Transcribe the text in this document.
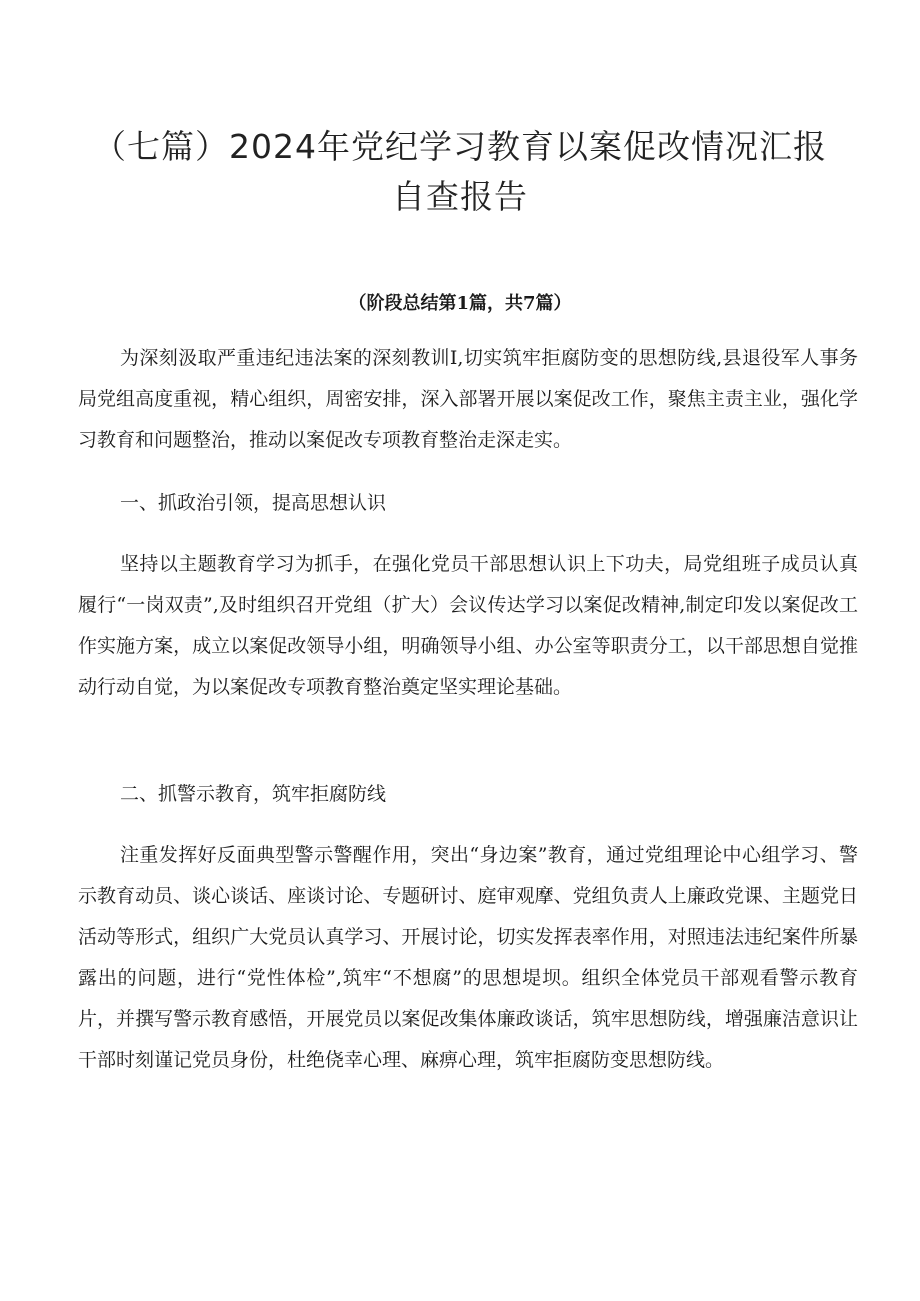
（七篇）2024年党纪学习教育以案促改情况汇报自查报告

（阶段总结第1篇，共7篇）

为深刻汲取严重违纪违法案的深刻教训I,切实筑牢拒腐防变的思想防线,县退役军人事务局党组高度重视，精心组织，周密安排，深入部署开展以案促改工作，聚焦主责主业，强化学习教育和问题整治，推动以案促改专项教育整治走深走实。

一、抓政治引领，提高思想认识

坚持以主题教育学习为抓手，在强化党员干部思想认识上下功夫，局党组班子成员认真履行“一岗双责”,及时组织召开党组（扩大）会议传达学习以案促改精神,制定印发以案促改工作实施方案，成立以案促改领导小组，明确领导小组、办公室等职责分工，以干部思想自觉推动行动自觉，为以案促改专项教育整治奠定坚实理论基础。

二、抓警示教育，筑牢拒腐防线

注重发挥好反面典型警示警醒作用，突出“身边案”教育，通过党组理论中心组学习、警示教育动员、谈心谈话、座谈讨论、专题研讨、庭审观摩、党组负责人上廉政党课、主题党日活动等形式，组织广大党员认真学习、开展讨论，切实发挥表率作用，对照违法违纪案件所暴露出的问题，进行“党性体检”,筑牢“不想腐”的思想堤坝。组织全体党员干部观看警示教育片，并撰写警示教育感悟，开展党员以案促改集体廉政谈话，筑牢思想防线，增强廉洁意识让干部时刻谨记党员身份，杜绝侥幸心理、麻痹心理，筑牢拒腐防变思想防线。
